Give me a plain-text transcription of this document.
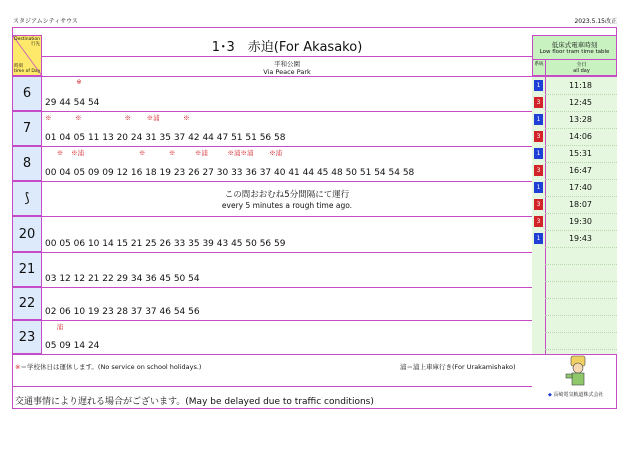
スタジアムシティサウス	2023.5.15改正
Destination
行先
時刻
time of Day
1･3　赤迫(For Akasako)
平和公園
Via Peace Park
低床式電車時刻
Low floor tram time table
系統	全日
all day
6
※
29 44 54 54
7
※      ※           ※    ※浦      ※
01 04 05 11 13 20 24 31 35 37 42 44 47 51 51 56 58
8
※  ※浦              ※      ※     ※浦     ※浦※浦    ※浦
00 04 05 09 09 12 16 18 19 23 26 27 30 33 36 37 40 41 44 45 48 50 51 54 54 58
⟆	この間おおむね5分間隔にて運行
every 5 minutes a rough time ago.
20
00 05 06 10 14 15 21 25 26 33 35 39 43 45 50 56 59
21
03 12 12 21 22 29 34 36 45 50 54
22
02 06 10 19 23 28 37 37 46 54 56
23
浦
05 09 14 24
1	11:18
3	12:45
1	13:28
3	14:06
1	15:31
3	16:47
1	17:40
3	18:07
3	19:30
1	19:43
※＝学校休日は運休します。(No service on school holidays.)	浦＝浦上車庫行き(For Urakamishako)
交通事情により遅れる場合がございます。(May be delayed due to traffic conditions)
◆ 長崎電気軌道株式会社
